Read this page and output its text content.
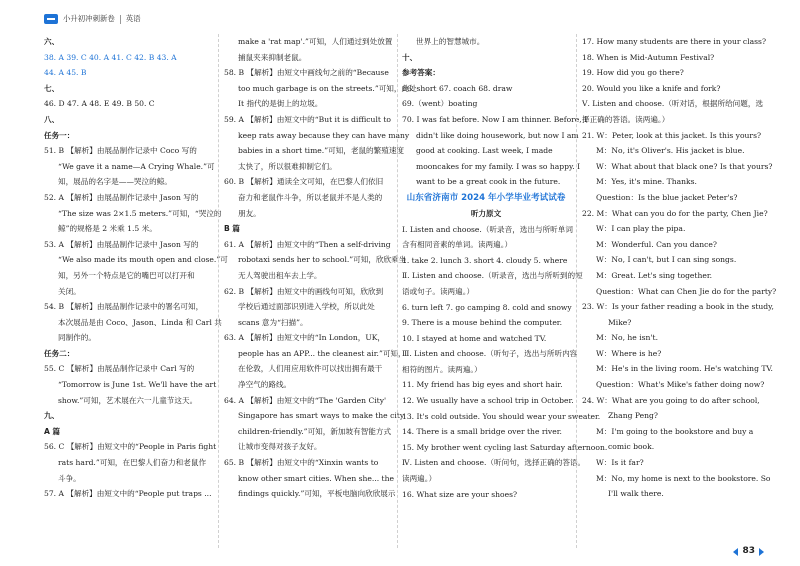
小升初冲刺新卷 英语
六、
38. A 39. C 40. A 41. C 42. B 43. A
44. A 45. B
七、
46. D 47. A 48. E 49. B 50. C
八、
任务一：
51. B 【解析】由展品制作记录中 Coco 写的
“We gave it a name—A Crying Whale.”可
知，展品的名字是——哭泣的鲸。
52. A 【解析】由展品制作记录中 Jason 写的
“The size was 2×1.5 meters.”可知，“哭泣的
鲸”的规格是 2 米乘 1.5 米。
53. A 【解析】由展品制作记录中 Jason 写的
“We also made its mouth open and close.”可
知，另外一个特点是它的嘴巴可以打开和
关闭。
54. B 【解析】由展品制作记录中的署名可知，
本次展品是由 Coco、Jason、Linda 和 Carl 共
同制作的。
任务二：
55. C 【解析】由展品制作记录中 Carl 写的
“Tomorrow is June 1st. We'll have the art
show.”可知，艺术展在六一儿童节这天。
九、
A 篇
56. C 【解析】由短文中的“People in Paris fight
rats hard.”可知，在巴黎人们奋力和老鼠作
斗争。
57. A 【解析】由短文中的“People put traps ...
make a 'rat map'.”可知，人们通过到处放置
捕鼠夹来抑制老鼠。
58. B 【解析】由短文中画线句之前的“Because
too much garbage is on the streets.”可知，此处
It 指代的是街上的垃圾。
59. A 【解析】由短文中的“But it is difficult to
keep rats away because they can have many
babies in a short time.”可知，老鼠的繁殖速度
太快了，所以很难抑制它们。
60. B 【解析】通读全文可知，在巴黎人们依旧
奋力和老鼠作斗争，所以老鼠并不是人类的
朋友。
B 篇
61. A 【解析】由短文中的“Then a self-driving
robotaxi sends her to school.”可知，欣欣乘坐
无人驾驶出租车去上学。
62. B 【解析】由短文中的画线句可知，欣欣到
学校后通过面部识别进入学校，所以此处
scans 意为“扫描”。
63. A 【解析】由短文中的“In London，UK，
people has an APP... the cleanest air.”可知，
在伦敦，人们用应用软件可以找出拥有最干
净空气的路线。
64. A 【解析】由短文中的“The 'Garden City'
Singapore has smart ways to make the city
children-friendly.”可知，新加坡有智能方式
让城市变得对孩子友好。
65. B 【解析】由短文中的“Xinxin wants to
know other smart cities. When she... the
findings quickly.”可知，平板电脑向欣欣展示
世界上的智慧城市。
十、
参考答案：
66. short 67. coach 68. draw
69.（went）boating
70. I was fat before. Now I am thinner. Before, I
didn't like doing housework, but now I am
good at cooking. Last week, I made
mooncakes for my family. I was so happy. I
want to be a great cook in the future.
山东省济南市 2024 年小学毕业考试试卷
听力原文
Ⅰ. Listen and choose.（听录音，选出与所听单词
含有相同音素的单词。读两遍。）
1. take 2. lunch 3. short 4. cloudy 5. where
Ⅱ. Listen and choose.（听录音，选出与所听到的短
语或句子。读两遍。）
6. turn left 7. go camping 8. cold and snowy
9. There is a mouse behind the computer.
10. I stayed at home and watched TV.
Ⅲ. Listen and choose.（听句子，选出与所听内容
相符的图片。读两遍。）
11. My friend has big eyes and short hair.
12. We usually have a school trip in October.
13. It's cold outside. You should wear your sweater.
14. There is a small bridge over the river.
15. My brother went cycling last Saturday afternoon.
Ⅳ. Listen and choose.（听问句，选择正确的答语。
读两遍。）
16. What size are your shoes?
17. How many students are there in your class?
18. When is Mid-Autumn Festival?
19. How did you go there?
20. Would you like a knife and fork?
Ⅴ. Listen and choose.（听对话，根据所给问题，选
择正确的答语。读两遍。）
21. W：Peter, look at this jacket. Is this yours?
M：No, it's Oliver's. His jacket is blue.
W：What about that black one? Is that yours?
M：Yes, it's mine. Thanks.
Question：Is the blue jacket Peter's?
22. M：What can you do for the party, Chen Jie?
W：I can play the pipa.
M：Wonderful. Can you dance?
W：No, I can't, but I can sing songs.
M：Great. Let's sing together.
Question：What can Chen Jie do for the party?
23. W：Is your father reading a book in the study,
Mike?
M：No, he isn't.
W：Where is he?
M：He's in the living room. He's watching TV.
Question：What's Mike's father doing now?
24. W：What are you going to do after school,
Zhang Peng?
M：I'm going to the bookstore and buy a
comic book.
W：Is it far?
M：No, my home is next to the bookstore. So
I'll walk there.
83
